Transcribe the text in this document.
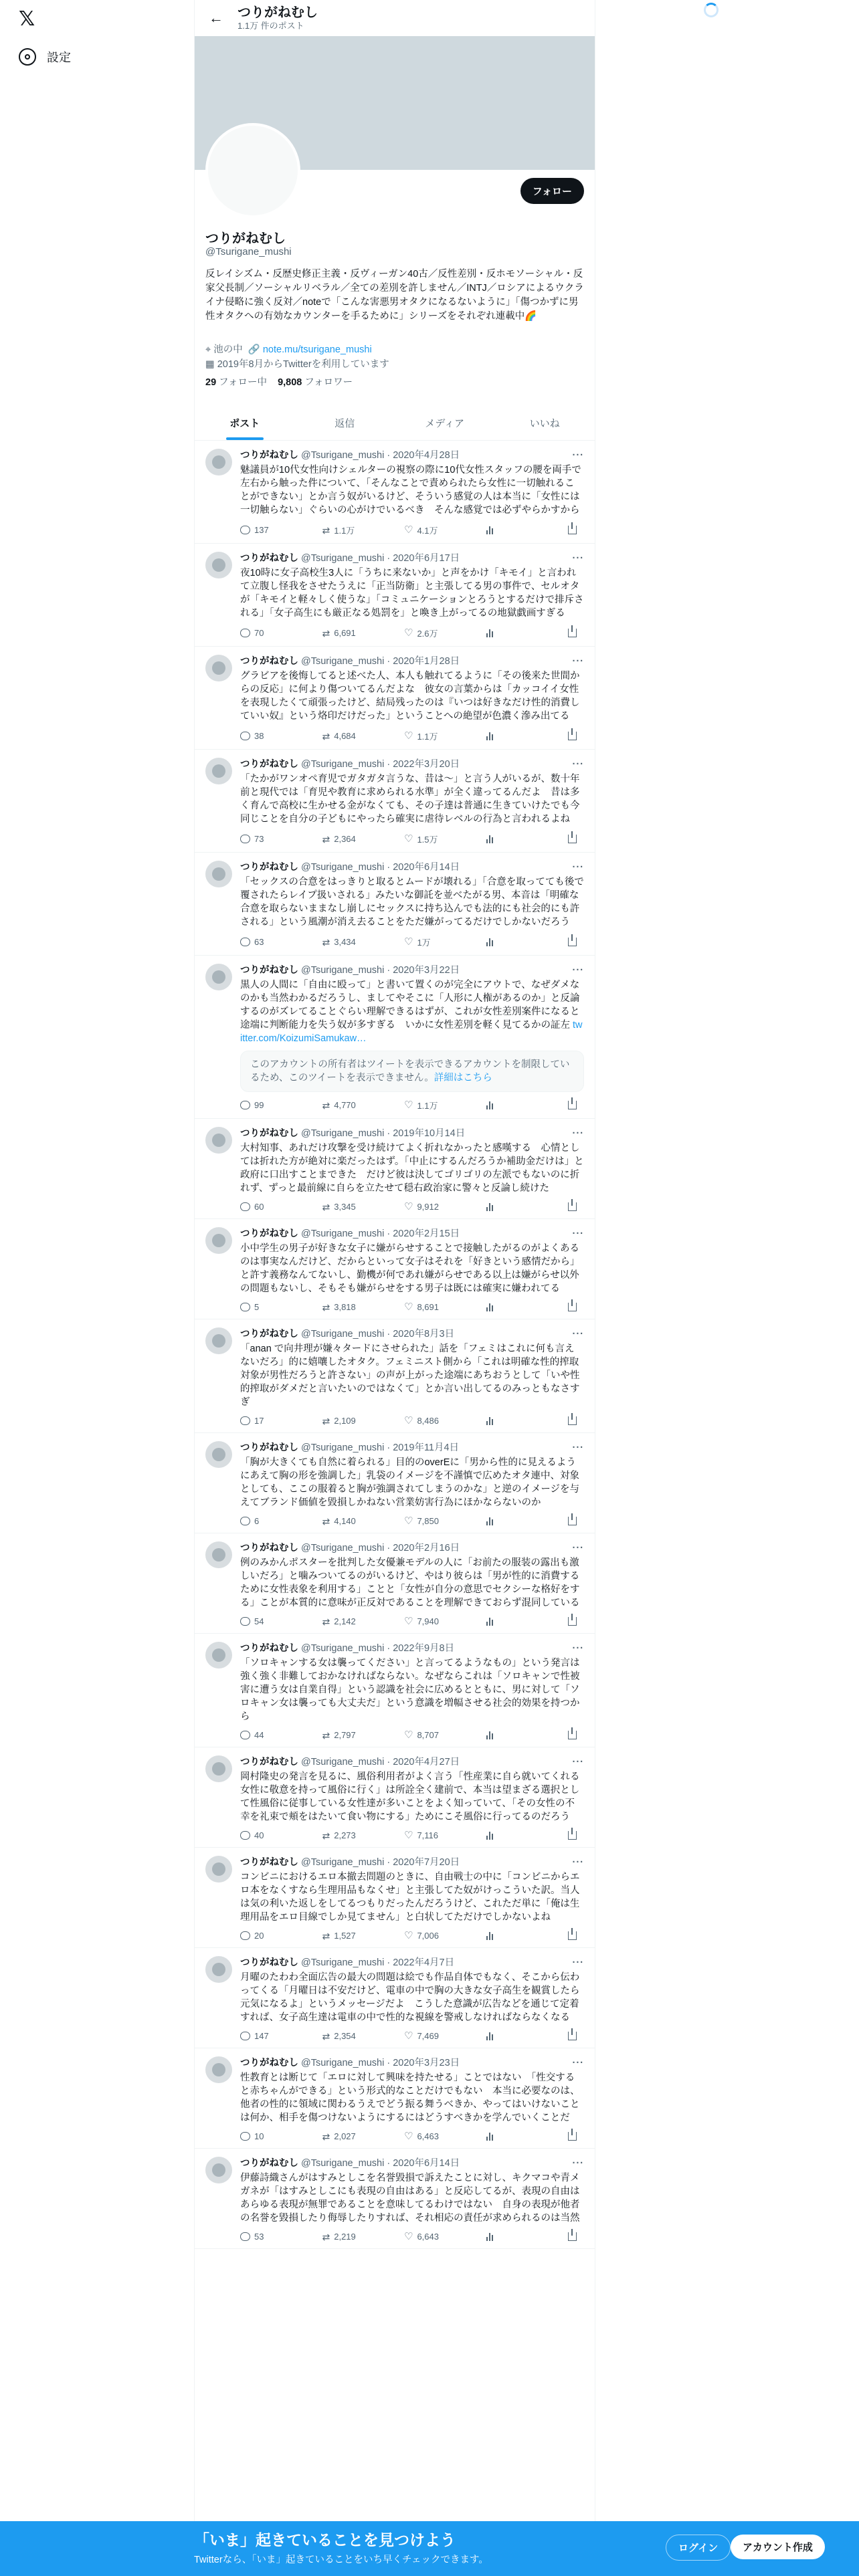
𝕏
設定
←	つりがねむし
1.1万 件のポスト
フォロー
つりがねむし
@Tsurigane_mushi
反レイシズム・反歴史修正主義・反ヴィーガン40古／反性差別・反ホモソーシャル・反家父長制／ソーシャルリベラル／全ての差別を許しません／INTJ／ロシアによるウクライナ侵略に強く反対／noteで「こんな害悪男オタクになるないように」「傷つかずに男性オタクへの有効なカウンターを手るために」シリーズをそれぞれ連載中🌈
⌖ 池の中 🔗 note.mu/tsurigane_mushi
▦ 2019年8月からTwitterを利用しています
29 フォロー中 9,808 フォロワー
ポスト	返信	メディア	いいね
つりがねむし @Tsurigane_mushi · 2020年4月28日	···
魅議員が10代女性向けシェルターの視察の際に10代女性スタッフの腰を両手で左右から触った件について、「そんなことで責められたら女性に一切触れることができない」とか言う奴がいるけど、そういう感覚の人は本当に「女性には一切触らない」ぐらいの心がけでいるべき　そんな感覚では必ずやらかすから
137	⇄ 1.1万	♡ 4.1万
つりがねむし @Tsurigane_mushi · 2020年6月17日	···
夜10時に女子高校生3人に「うちに来ないか」と声をかけ「キモイ」と言われて立腹し怪我をさせたうえに「正当防衛」と主張してる男の事件で、セルオタが「キモイと軽々しく使うな」「コミュニケーションとろうとするだけで排斥される」「女子高生にも厳正なる処罰を」と喚き上がってるの地獄戯画すぎる
70	⇄ 6,691	♡ 2.6万
つりがねむし @Tsurigane_mushi · 2020年1月28日	···
グラビアを後悔してると述べた人、本人も触れてるように「その後来た世間からの反応」に何より傷ついてるんだよな　彼女の言葉からは「カッコイイ女性を表現したくて頑張ったけど、結局残ったのは『いつは好きなだけ性的消費していい奴』という烙印だけだった」ということへの絶望が色濃く滲み出てる
38	⇄ 4,684	♡ 1.1万
つりがねむし @Tsurigane_mushi · 2022年3月20日	···
「たかがワンオペ育児でガタガタ言うな、昔は〜」と言う人がいるが、数十年前と現代では「育児や教育に求められる水準」が全く違ってるんだよ　昔は多く育んで高校に生かせる金がなくても、その子達は普通に生きていけたでも今同じことを自分の子どもにやったら確実に虐待レベルの行為と言われるよね
73	⇄ 2,364	♡ 1.5万
つりがねむし @Tsurigane_mushi · 2020年6月14日	···
「セックスの合意をはっきりと取るとムードが壊れる」「合意を取ってても後で覆されたらレイプ扱いされる」みたいな御託を並べたがる男、本音は「明確な合意を取らないままなし崩しにセックスに持ち込んでも法的にも社会的にも許される」という風潮が消え去ることをただ嫌がってるだけでしかないだろう
63	⇄ 3,434	♡ 1万
つりがねむし @Tsurigane_mushi · 2020年3月22日	···
黒人の人間に「自由に殴って」と書いて置くのが完全にアウトで、なぜダメなのかも当然わかるだろうし、ましてやそこに「人形に人権があるのか」と反論するのがズレてることぐらい理解できるはずが、これが女性差別案件になると途端に判断能力を失う奴が多すぎる　いかに女性差別を軽く見てるかの証左 twitter.com/KoizumiSamukaw…
このアカウントの所有者はツイートを表示できるアカウントを制限しているため、このツイートを表示できません。詳細はこちら
99	⇄ 4,770	♡ 1.1万
つりがねむし @Tsurigane_mushi · 2019年10月14日	···
大村知事、あれだけ攻撃を受け続けてよく折れなかったと感嘆する　心情としては折れた方が絶対に楽だったはず。「中止にするんだろうか補助金だけは」と政府に口出すことまできた　だけど彼は決してゴリゴリの左派でもないのに折れず、ずっと最前線に自らを立たせて穏右政治家に警々と反論し続けた
60	⇄ 3,345	♡ 9,912
つりがねむし @Tsurigane_mushi · 2020年2月15日	···
小中学生の男子が好きな女子に嫌がらせすることで接触したがるのがよくあるのは事実なんだけど、だからといって女子はそれを「好きという感情だから」と許す義務なんてないし、勤機が何であれ嫌がらせである以上は嫌がらせ以外の問題もないし、そもそも嫌がらせをする男子は既には確実に嫌われてる
5	⇄ 3,818	♡ 8,691
つりがねむし @Tsurigane_mushi · 2020年8月3日	···
「anan で向井理が嫌々タードにさせられた」話を「フェミはこれに何も言えないだろ」的に嬉嚷したオタク。フェミニスト側から「これは明確な性的搾取　対象が男性だろうと許さない」の声が上がった途端にあちおうとして「いや性的搾取がダメだと言いたいのではなくて」とか言い出してるのみっともなさすぎ
17	⇄ 2,109	♡ 8,486
つりがねむし @Tsurigane_mushi · 2019年11月4日	···
「胸が大きくても自然に着られる」目的のoverEに「男から性的に見えるようにあえて胸の形を強調した」乳袋のイメージを不謹慎で広めたオタ連中、対象としても、ここの服着ると胸が強調されてしまうのかな」と逆のイメージを与えてブランド価値を毀損しかねない営業妨害行為にほかならないのか
6	⇄ 4,140	♡ 7,850
つりがねむし @Tsurigane_mushi · 2020年2月16日	···
例のみかんポスターを批判した女優兼モデルの人に「お前たの服装の露出も激しいだろ」と噛みついてるのがいるけど、やはり彼らは「男が性的に消費するために女性表象を利用する」ことと「女性が自分の意思でセクシーな格好をする」ことが本質的に意味が正反対であることを理解できておらず混同している
54	⇄ 2,142	♡ 7,940
つりがねむし @Tsurigane_mushi · 2022年9月8日	···
「ソロキャンする女は襲ってください」と言ってるようなもの」という発言は強く強く非難しておかなければならない。なぜならこれは「ソロキャンで性被害に遭う女は自業自得」という認識を社会に広めるとともに、男に対して「ソロキャン女は襲っても大丈夫だ」という意識を増幅させる社会的効果を持つから
44	⇄ 2,797	♡ 8,707
つりがねむし @Tsurigane_mushi · 2020年4月27日	···
岡村隆史の発言を見るに、風俗利用者がよく言う「性産業に自ら就いてくれる女性に敬意を持って風俗に行く」は所詮全く建前で、本当は望まざる選択として性風俗に従事している女性達が多いことをよく知っていて、「その女性の不幸を礼束で頬をはたいて食い物にする」ためにこそ風俗に行ってるのだろう
40	⇄ 2,273	♡ 7,116
つりがねむし @Tsurigane_mushi · 2020年7月20日	···
コンビニにおけるエロ本撤去問題のときに、自由戦士の中に「コンビニからエロ本をなくすなら生理用品もなくせ」と主張してた奴がけっこういた訳。当人は気の利いた返しをしてるつもりだったんだろうけど、これただ単に「俺は生理用品をエロ目線でしか見てません」と白状してただけでしかないよね
20	⇄ 1,527	♡ 7,006
つりがねむし @Tsurigane_mushi · 2022年4月7日	···
月曜のたわわ全面広告の最大の問題は絵でも作品自体でもなく、そこから伝わってくる「月曜日は不安だけど、電車の中で胸の大きな女子高生を観賞したら元気になるよ」というメッセージだよ　こうした意識が広告などを通じて定着すれば、女子高生達は電車の中で性的な視線を警戒しなければならなくなる
147	⇄ 2,354	♡ 7,469
つりがねむし @Tsurigane_mushi · 2020年3月23日	···
性教育とは断じて「エロに対して興味を持たせる」ことではない　「性交すると赤ちゃんができる」という形式的なことだけでもない　本当に必要なのは、他者の性的に領域に関わるうえでどう振る舞うべきか、やってはいけないことは何か、相手を傷つけないようにするにはどうすべきかを学んでいくことだ
10	⇄ 2,027	♡ 6,463
つりがねむし @Tsurigane_mushi · 2020年6月14日	···
伊藤詩織さんがはすみとしこを名誉毀損で訴えたことに対し、キクマコや青メガネが「はすみとしこにも表現の自由はある」と反応してるが、表現の自由はあらゆる表現が無罪であることを意味してるわけではない　自身の表現が他者の名誉を毀損したり侮辱したりすれば、それ相応の責任が求められるのは当然
53	⇄ 2,219	♡ 6,643
「いま」起きていることを見つけよう
Twitterなら、「いま」起きていることをいち早くチェックできます。
ログイン	アカウント作成
